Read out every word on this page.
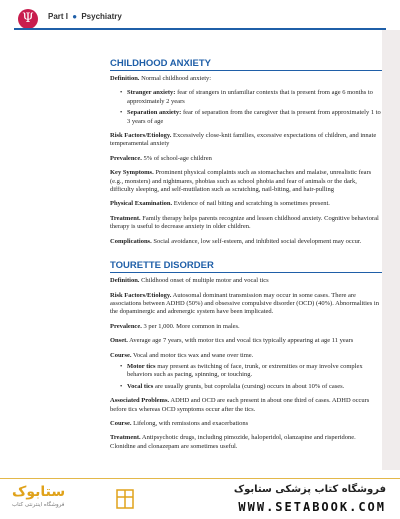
Ψ	Part I ● Psychiatry
CHILDHOOD ANXIETY
Definition. Normal childhood anxiety:
• Stranger anxiety: fear of strangers in unfamiliar contexts that is present from age 6 months to approximately 2 years
• Separation anxiety: fear of separation from the caregiver that is present from approximately 1 to 3 years of age
Risk Factors/Etiology. Excessively close-knit families, excessive expectations of children, and innate temperamental anxiety
Prevalence. 5% of school-age children
Key Symptoms. Prominent physical complaints such as stomachaches and malaise, unrealistic fears (e.g., monsters) and nightmares, phobias such as school phobia and fear of animals or the dark, difficulty sleeping, and self-mutilation such as scratching, nail-biting, and hair-pulling
Physical Examination. Evidence of nail biting and scratching is sometimes present.
Treatment. Family therapy helps parents recognize and lessen childhood anxiety. Cognitive behavioral therapy is useful to decrease anxiety in older children.
Complications. Social avoidance, low self-esteem, and inhibited social development may occur.
TOURETTE DISORDER
Definition. Childhood onset of multiple motor and vocal tics
Risk Factors/Etiology. Autosomal dominant transmission may occur in some cases. There are associations between ADHD (50%) and obsessive compulsive disorder (OCD) (40%). Abnormalities in the dopaminergic and adrenergic system have been implicated.
Prevalence. 3 per 1,000. More common in males.
Onset. Average age 7 years, with motor tics and vocal tics typically appearing at age 11 years
Course. Vocal and motor tics wax and wane over time.
• Motor tics may present as twitching of face, trunk, or extremities or may involve complex behaviors such as pacing, spinning, or touching.
• Vocal tics are usually grunts, but coprolalia (cursing) occurs in about 10% of cases.
Associated Problems. ADHD and OCD are each present in about one third of cases. ADHD occurs before tics whereas OCD symptoms occur after the tics.
Course. Lifelong, with remissions and exacerbations
Treatment. Antipsychotic drugs, including pimozide, haloperidol, olanzapine and risperidone. Clonidine and clonazepam are sometimes useful.
ستابوک
فروشگاه اینترنتی کتاب
فروشگاه کتاب پزشکی ستابوک
WWW.SETABOOK.COM
